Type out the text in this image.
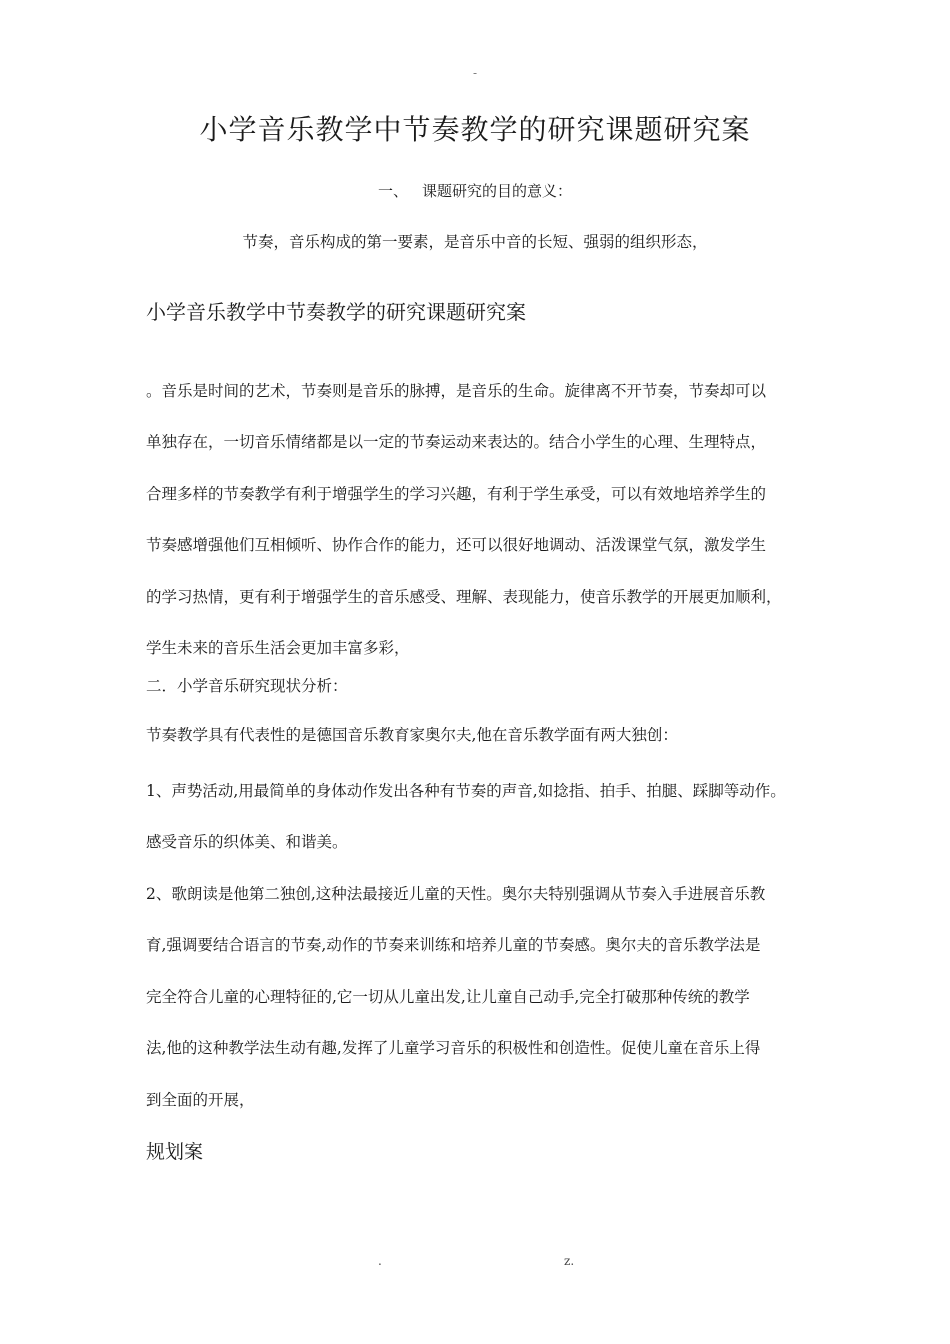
-
小学音乐教学中节奏教学的研究课题研究案

一、 课题研究的目的意义：

节奏，音乐构成的第一要素，是音乐中音的长短、强弱的组织形态，

小学音乐教学中节奏教学的研究课题研究案

。音乐是时间的艺术，节奏则是音乐的脉搏，是音乐的生命。旋律离不开节奏，节奏却可以
单独存在，一切音乐情绪都是以一定的节奏运动来表达的。结合小学生的心理、生理特点，
合理多样的节奏教学有利于增强学生的学习兴趣，有利于学生承受，可以有效地培养学生的
节奏感增强他们互相倾听、协作合作的能力，还可以很好地调动、活泼课堂气氛，激发学生
的学习热情，更有利于增强学生的音乐感受、理解、表现能力，使音乐教学的开展更加顺利，
学生未来的音乐生活会更加丰富多彩，

二．小学音乐研究现状分析：

节奏教学具有代表性的是德国音乐教育家奥尔夫,他在音乐教学面有两大独创：

1、声势活动,用最简单的身体动作发出各种有节奏的声音,如捻指、拍手、拍腿、踩脚等动作。
感受音乐的织体美、和谐美。

2、歌朗读是他第二独创,这种法最接近儿童的天性。奥尔夫特别强调从节奏入手进展音乐教
育,强调要结合语言的节奏,动作的节奏来训练和培养儿童的节奏感。奥尔夫的音乐教学法是
完全符合儿童的心理特征的,它一切从儿童出发,让儿童自己动手,完全打破那种传统的教学
法,他的这种教学法生动有趣,发挥了儿童学习音乐的积极性和创造性。促使儿童在音乐上得
到全面的开展，

规划案
.	z.
